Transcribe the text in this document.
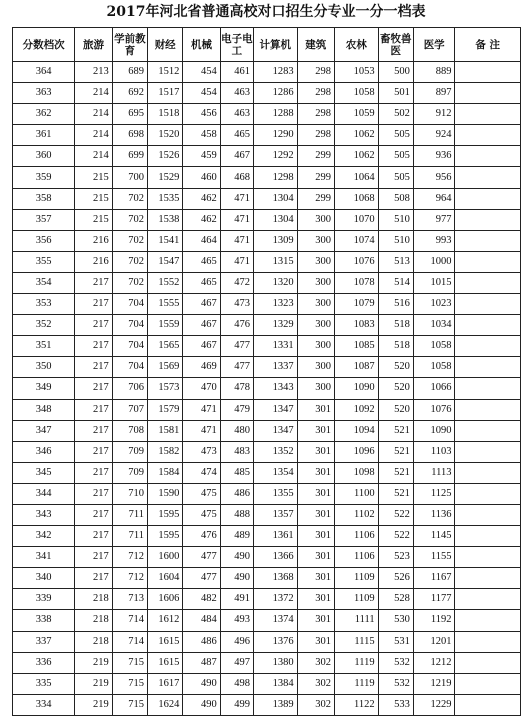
2017年河北省普通高校对口招生分专业一分一档表
分数档次	旅游	学前教育	财经	机械	电子电工	计算机	建筑	农林	畜牧兽医	医学	备 注
364	213	689	1512	454	461	1283	298	1053	500	889	
363	214	692	1517	454	463	1286	298	1058	501	897	
362	214	695	1518	456	463	1288	298	1059	502	912	
361	214	698	1520	458	465	1290	298	1062	505	924	
360	214	699	1526	459	467	1292	299	1062	505	936	
359	215	700	1529	460	468	1298	299	1064	505	956	
358	215	702	1535	462	471	1304	299	1068	508	964	
357	215	702	1538	462	471	1304	300	1070	510	977	
356	216	702	1541	464	471	1309	300	1074	510	993	
355	216	702	1547	465	471	1315	300	1076	513	1000	
354	217	702	1552	465	472	1320	300	1078	514	1015	
353	217	704	1555	467	473	1323	300	1079	516	1023	
352	217	704	1559	467	476	1329	300	1083	518	1034	
351	217	704	1565	467	477	1331	300	1085	518	1058	
350	217	704	1569	469	477	1337	300	1087	520	1058	
349	217	706	1573	470	478	1343	300	1090	520	1066	
348	217	707	1579	471	479	1347	301	1092	520	1076	
347	217	708	1581	471	480	1347	301	1094	521	1090	
346	217	709	1582	473	483	1352	301	1096	521	1103	
345	217	709	1584	474	485	1354	301	1098	521	1113	
344	217	710	1590	475	486	1355	301	1100	521	1125	
343	217	711	1595	475	488	1357	301	1102	522	1136	
342	217	711	1595	476	489	1361	301	1106	522	1145	
341	217	712	1600	477	490	1366	301	1106	523	1155	
340	217	712	1604	477	490	1368	301	1109	526	1167	
339	218	713	1606	482	491	1372	301	1109	528	1177	
338	218	714	1612	484	493	1374	301	1111	530	1192	
337	218	714	1615	486	496	1376	301	1115	531	1201	
336	219	715	1615	487	497	1380	302	1119	532	1212	
335	219	715	1617	490	498	1384	302	1119	532	1219	
334	219	715	1624	490	499	1389	302	1122	533	1229	
